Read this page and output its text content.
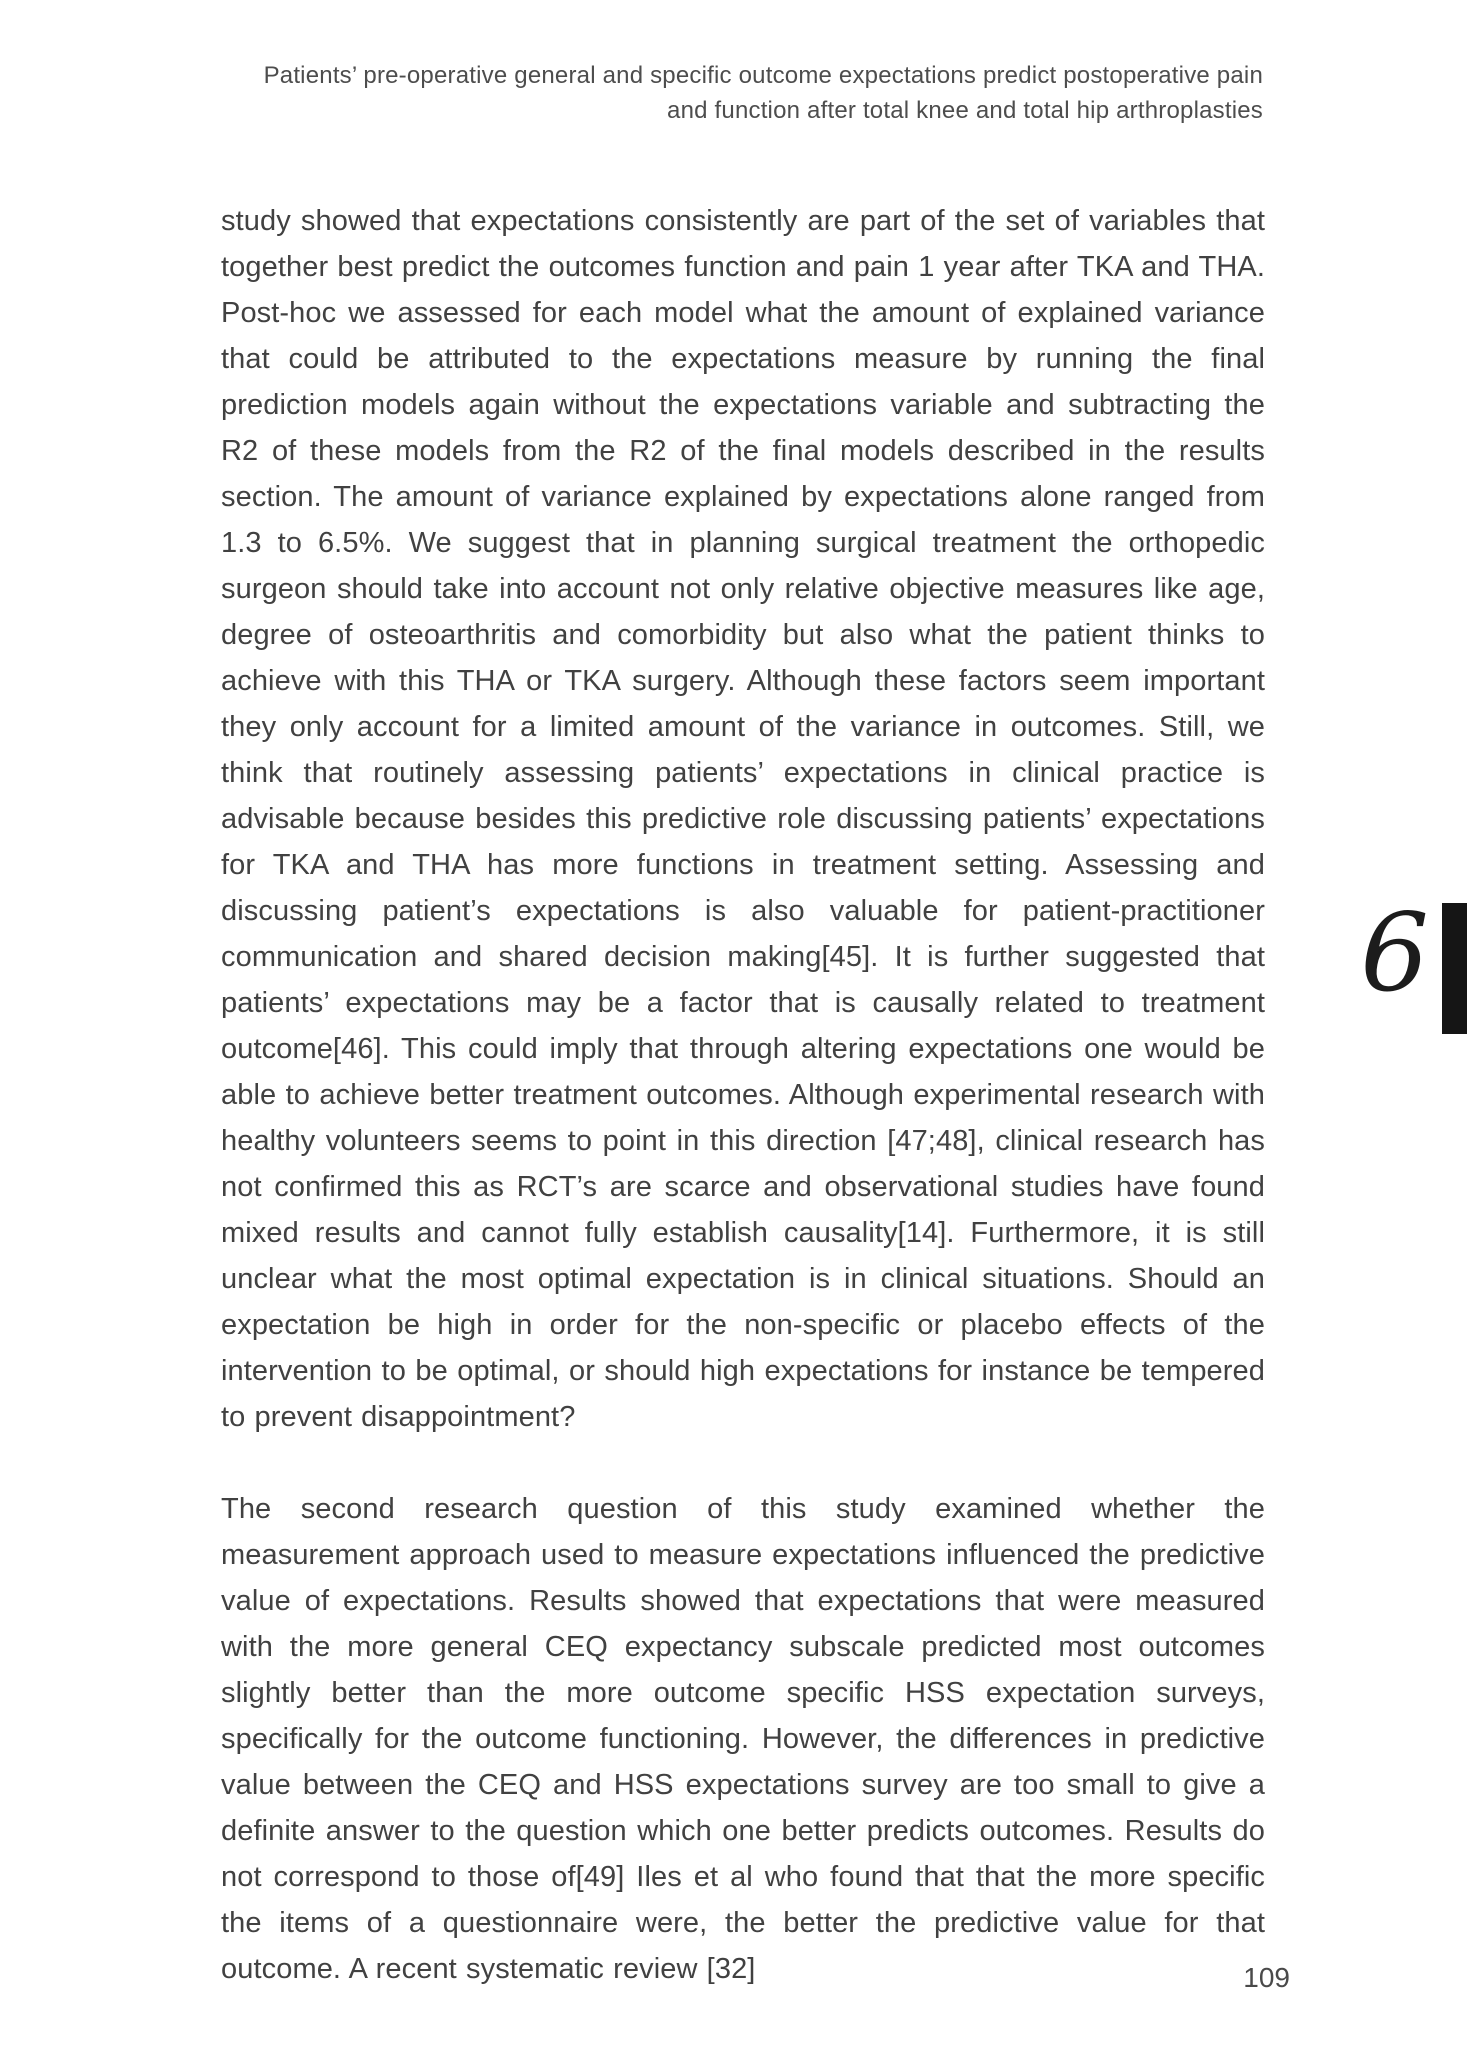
Patients’ pre-operative general and specific outcome expectations predict postoperative pain
and function after total knee and total hip arthroplasties

study showed that expectations consistently are part of the set of variables that together best predict the outcomes function and pain 1 year after TKA and THA. Post-hoc we assessed for each model what the amount of explained variance that could be attributed to the expectations measure by running the final prediction models again without the expectations variable and subtracting the R2 of these models from the R2 of the final models described in the results section. The amount of variance explained by expectations alone ranged from 1.3 to 6.5%. We suggest that in planning surgical treatment the orthopedic surgeon should take into account not only relative objective measures like age, degree of osteoarthritis and comorbidity but also what the patient thinks to achieve with this THA or TKA surgery. Although these factors seem important they only account for a limited amount of the variance in outcomes. Still, we think that routinely assessing patients’ expectations in clinical practice is advisable because besides this predictive role discussing patients’ expectations for TKA and THA has more functions in treatment setting. Assessing and discussing patient’s expectations is also valuable for patient-practitioner communication and shared decision making[45]. It is further suggested that patients’ expectations may be a factor that is causally related to treatment outcome[46]. This could imply that through altering expectations one would be able to achieve better treatment outcomes. Although experimental research with healthy volunteers seems to point in this direction [47;48], clinical research has not confirmed this as RCT’s are scarce and observational studies have found mixed results and cannot fully establish causality[14]. Furthermore, it is still unclear what the most optimal expectation is in clinical situations. Should an expectation be high in order for the non-specific or placebo effects of the intervention to be optimal, or should high expectations for instance be tempered to prevent disappointment?

The second research question of this study examined whether the measurement approach used to measure expectations influenced the predictive value of expectations. Results showed that expectations that were measured with the more general CEQ expectancy subscale predicted most outcomes slightly better than the more outcome specific HSS expectation surveys, specifically for the outcome functioning. However, the differences in predictive value between the CEQ and HSS expectations survey are too small to give a definite answer to the question which one better predicts outcomes. Results do not correspond to those of[49] Iles et al who found that that the more specific the items of a questionnaire were, the better the predictive value for that outcome. A recent systematic review [32]

6
109
